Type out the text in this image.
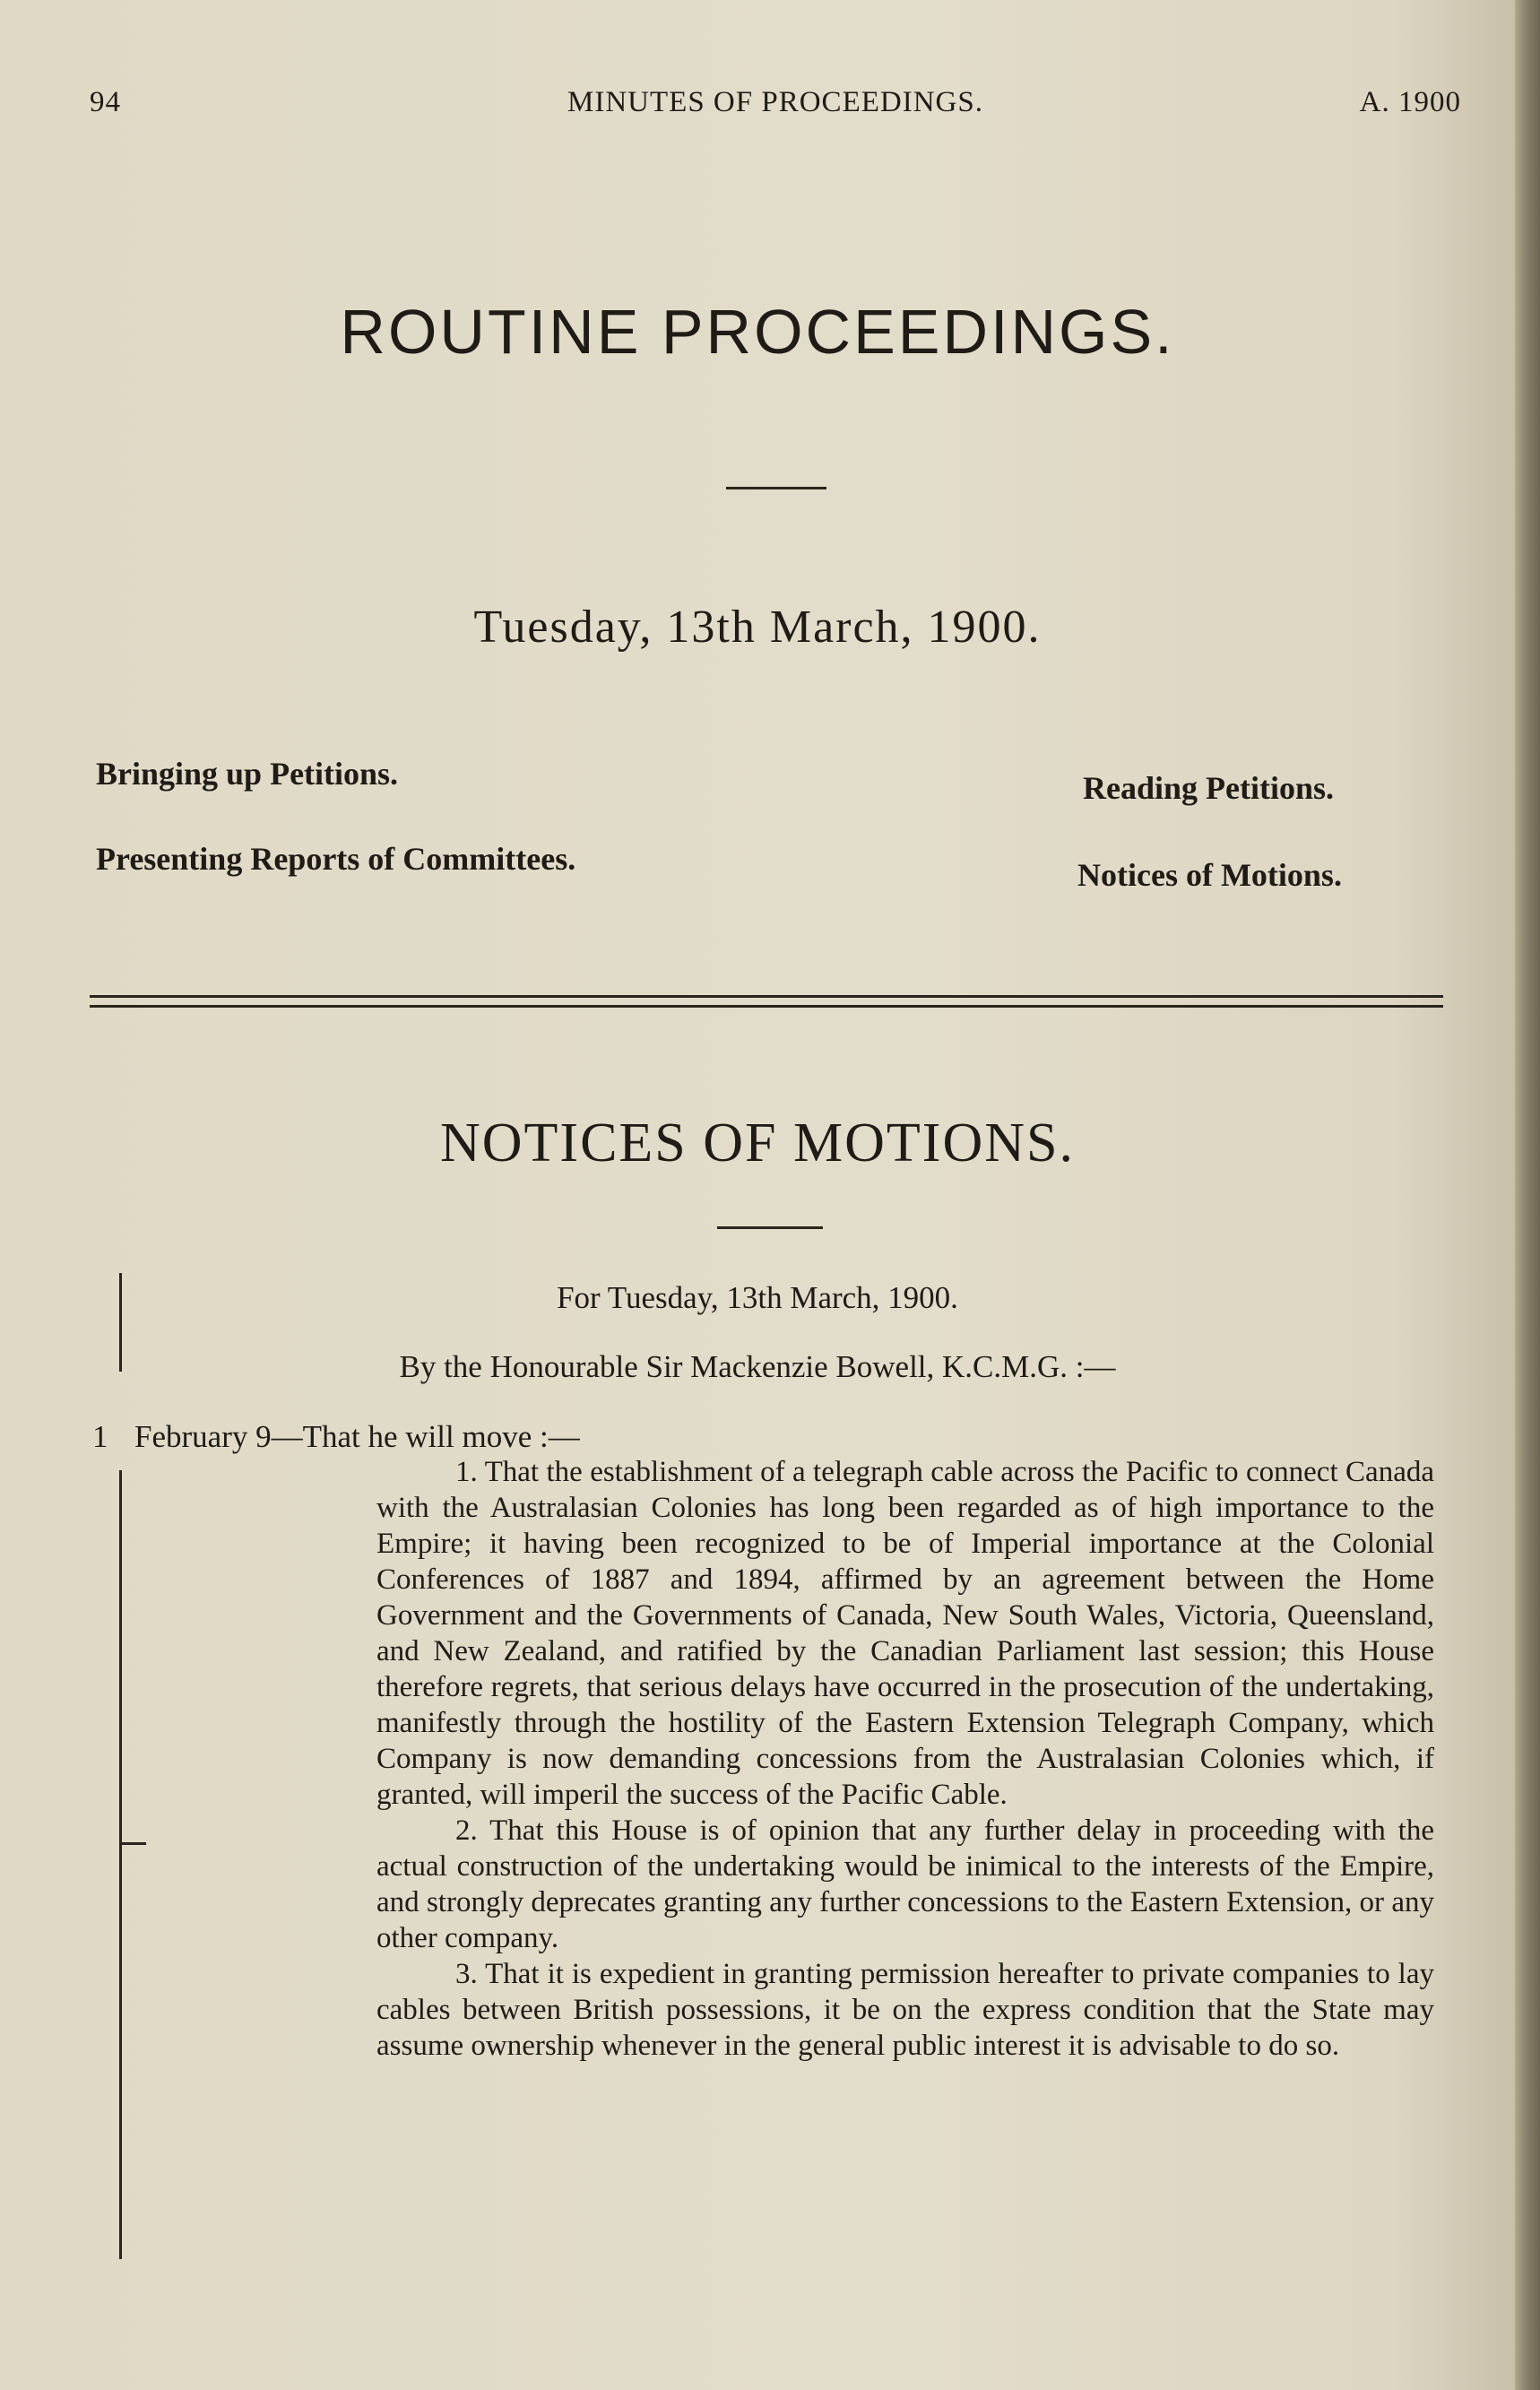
94	MINUTES OF PROCEEDINGS.	A. 1900
ROUTINE PROCEEDINGS.
Tuesday, 13th March, 1900.
Bringing up Petitions.	Reading Petitions.
Presenting Reports of Committees.	Notices of Motions.
NOTICES OF MOTIONS.
For Tuesday, 13th March, 1900.
By the Honourable Sir Mackenzie Bowell, K.C.M.G. :—
1 February 9—That he will move :—

1. That the establishment of a telegraph cable across the Pacific to connect Canada with the Australasian Colonies has long been regarded as of high importance to the Empire; it having been recognized to be of Imperial importance at the Colonial Conferences of 1887 and 1894, affirmed by an agreement between the Home Government and the Governments of Canada, New South Wales, Victoria, Queensland, and New Zealand, and ratified by the Canadian Parliament last session; this House therefore regrets, that serious delays have occurred in the prosecution of the undertaking, manifestly through the hostility of the Eastern Extension Telegraph Company, which Company is now demanding concessions from the Australasian Colonies which, if granted, will imperil the success of the Pacific Cable.

2. That this House is of opinion that any further delay in proceeding with the actual construction of the undertaking would be inimical to the interests of the Empire, and strongly deprecates granting any further concessions to the Eastern Extension, or any other company.

3. That it is expedient in granting permission hereafter to private companies to lay cables between British possessions, it be on the express condition that the State may assume ownership whenever in the general public interest it is advisable to do so.
